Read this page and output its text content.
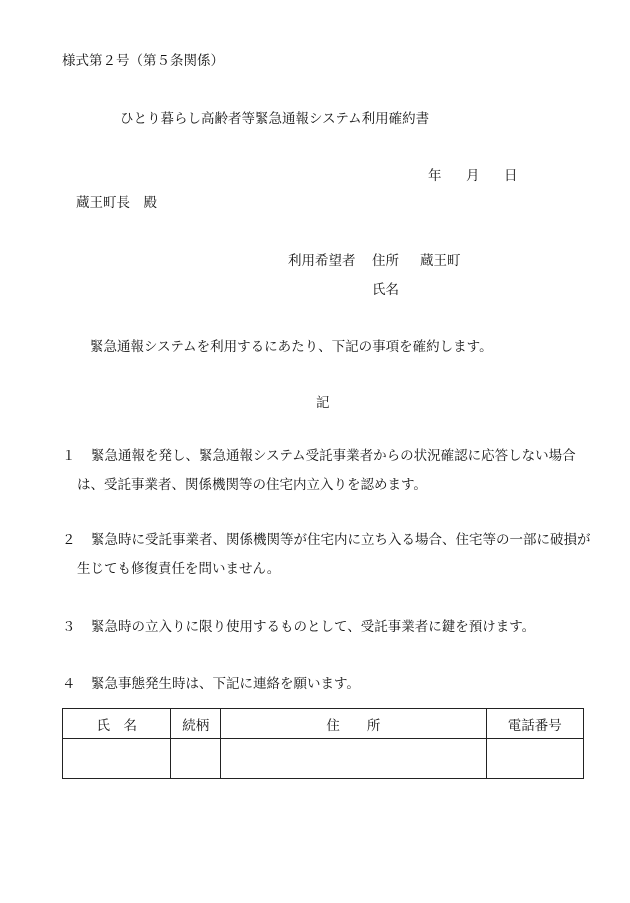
様式第２号（第５条関係）
ひとり暮らし高齢者等緊急通報システム利用確約書
年 月 日
蔵王町長　殿
利用希望者 住所 蔵王町
氏名
緊急通報システムを利用するにあたり、下記の事項を確約します。
記
１	緊急通報を発し、緊急通報システム受託事業者からの状況確認に応答しない場合は、受託事業者、関係機関等の住宅内立入りを認めます。
２	緊急時に受託事業者、関係機関等が住宅内に立ち入る場合、住宅等の一部に破損が生じても修復責任を問いません。
３	緊急時の立入りに限り使用するものとして、受託事業者に鍵を預けます。
４	緊急事態発生時は、下記に連絡を願います。
氏　名	続柄	住　　所	電話番号
